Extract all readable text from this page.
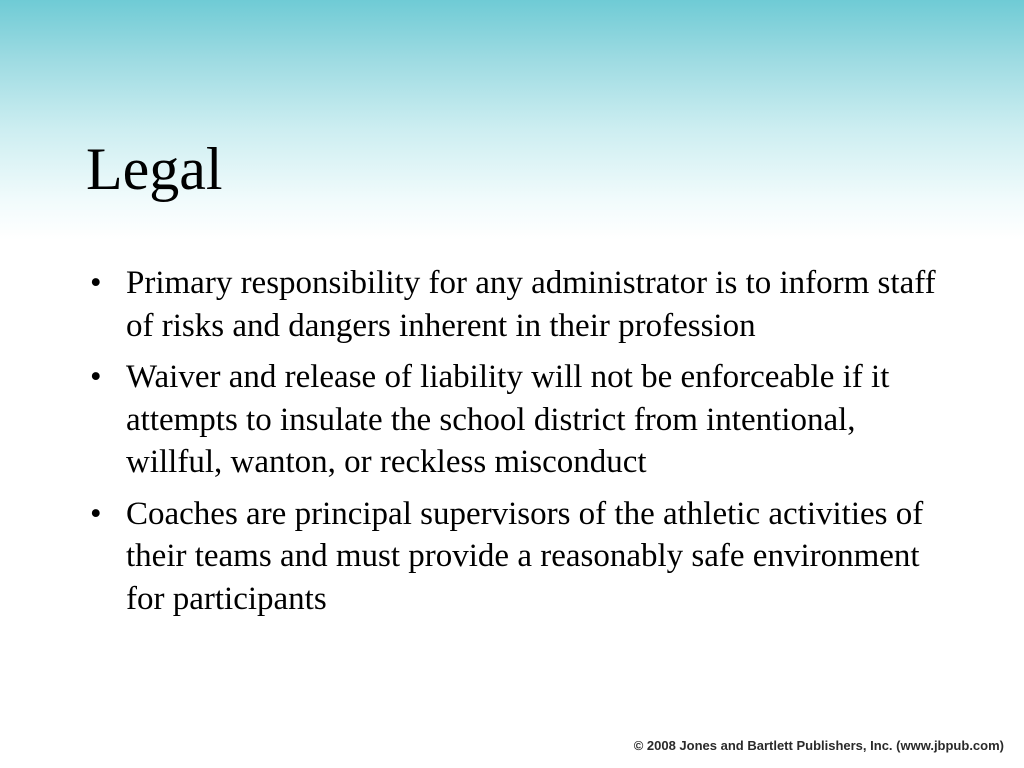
Legal
• Primary responsibility for any administrator is to inform staff of risks and dangers inherent in their profession
• Waiver and release of liability will not be enforceable if it attempts to insulate the school district from intentional, willful, wanton, or reckless misconduct
• Coaches are principal supervisors of the athletic activities of their teams and must provide a reasonably safe environment for participants
© 2008 Jones and Bartlett Publishers, Inc. (www.jbpub.com)
